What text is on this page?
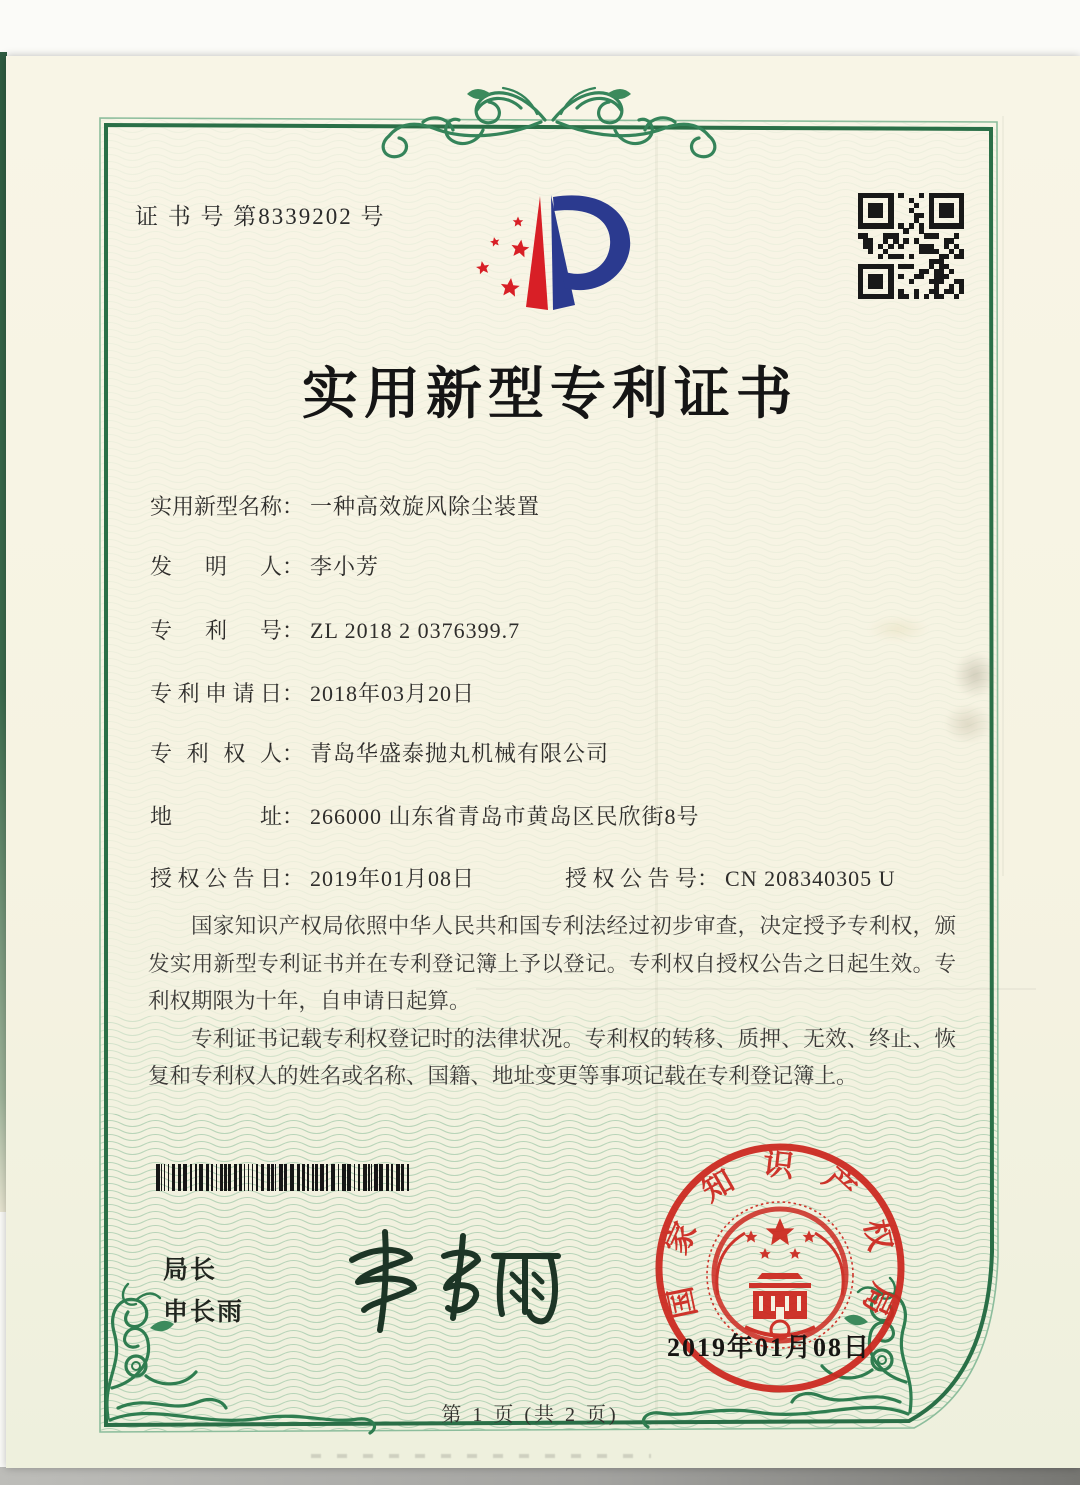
证 书 号 第8339202 号
实用新型专利证书
实用新型名称 ： 一种高效旋风除尘装置
发明人 ： 李小芳
专利号 ： ZL 2018 2 0376399.7
专利申请日 ： 2018年03月20日
专利权人 ： 青岛华盛泰抛丸机械有限公司
地址 ： 266000 山东省青岛市黄岛区民欣街8号
授权公告日 ： 2019年01月08日	授权公告号 ： CN 208340305 U

国家知识产权局依照中华人民共和国专利法经过初步审查，决定授予专利权，颁发实用新型专利证书并在专利登记簿上予以登记。专利权自授权公告之日起生效。专利权期限为十年，自申请日起算。

专利证书记载专利权登记时的法律状况。专利权的转移、质押、无效、终止、恢复和专利权人的姓名或名称、国籍、地址变更等事项记载在专利登记簿上。

局长
申长雨	国家知识产权局
2019年01月08日
第 1 页 (共 2 页)
